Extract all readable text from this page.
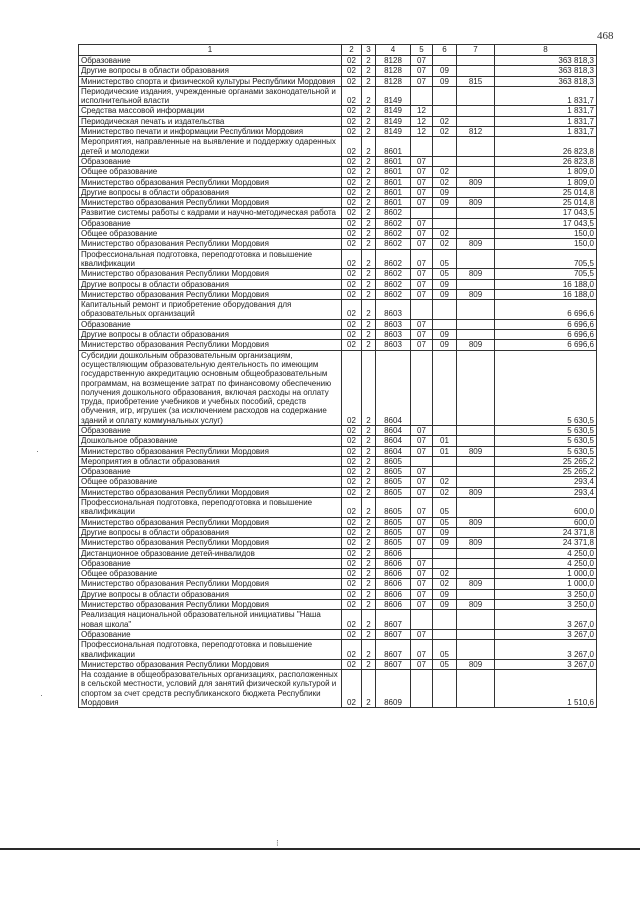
468
1	2	3	4	5	6	7	8
Образование	02	2	8128	07			363 818,3
Другие вопросы в области образования	02	2	8128	07	09		363 818,3
Министерство спорта и физической культуры Республики Мордовия	02	2	8128	07	09	815	363 818,3
Периодические издания, учрежденные органами законодательной и исполнительной власти	02	2	8149				1 831,7
Средства массовой информации	02	2	8149	12			1 831,7
Периодическая печать и издательства	02	2	8149	12	02		1 831,7
Министерство печати и информации Республики Мордовия	02	2	8149	12	02	812	1 831,7
Мероприятия, направленные на выявление и поддержку одаренных детей и молодежи	02	2	8601				26 823,8
Образование	02	2	8601	07			26 823,8
Общее образование	02	2	8601	07	02		1 809,0
Министерство образования Республики Мордовия	02	2	8601	07	02	809	1 809,0
Другие вопросы в области образования	02	2	8601	07	09		25 014,8
Министерство образования Республики Мордовия	02	2	8601	07	09	809	25 014,8
Развитие системы работы с кадрами и научно-методическая работа	02	2	8602				17 043,5
Образование	02	2	8602	07			17 043,5
Общее образование	02	2	8602	07	02		150,0
Министерство образования Республики Мордовия	02	2	8602	07	02	809	150,0
Профессиональная подготовка, переподготовка и повышение квалификации	02	2	8602	07	05		705,5
Министерство образования Республики Мордовия	02	2	8602	07	05	809	705,5
Другие вопросы в области образования	02	2	8602	07	09		16 188,0
Министерство образования Республики Мордовия	02	2	8602	07	09	809	16 188,0
Капитальный ремонт и приобретение оборудования для образовательных организаций	02	2	8603				6 696,6
Образование	02	2	8603	07			6 696,6
Другие вопросы в области образования	02	2	8603	07	09		6 696,6
Министерство образования Республики Мордовия	02	2	8603	07	09	809	6 696,6
Субсидии дошкольным образовательным организациям, осуществляющим образовательную деятельность по имеющим государственную аккредитацию основным общеобразовательным программам, на возмещение затрат по финансовому обеспечению получения дошкольного образования, включая расходы на оплату труда, приобретение учебников и учебных пособий, средств обучения, игр, игрушек (за исключением расходов на содержание зданий и оплату коммунальных услуг)	02	2	8604				5 630,5
Образование	02	2	8604	07			5 630,5
Дошкольное образование	02	2	8604	07	01		5 630,5
Министерство образования Республики Мордовия	02	2	8604	07	01	809	5 630,5
Мероприятия в области образования	02	2	8605				25 265,2
Образование	02	2	8605	07			25 265,2
Общее образование	02	2	8605	07	02		293,4
Министерство образования Республики Мордовия	02	2	8605	07	02	809	293,4
Профессиональная подготовка, переподготовка и повышение квалификации	02	2	8605	07	05		600,0
Министерство образования Республики Мордовия	02	2	8605	07	05	809	600,0
Другие вопросы в области образования	02	2	8605	07	09		24 371,8
Министерство образования Республики Мордовия	02	2	8605	07	09	809	24 371,8
Дистанционное образование детей-инвалидов	02	2	8606				4 250,0
Образование	02	2	8606	07			4 250,0
Общее образование	02	2	8606	07	02		1 000,0
Министерство образования Республики Мордовия	02	2	8606	07	02	809	1 000,0
Другие вопросы в области образования	02	2	8606	07	09		3 250,0
Министерство образования Республики Мордовия	02	2	8606	07	09	809	3 250,0
Реализация национальной образовательной инициативы "Наша новая школа"	02	2	8607				3 267,0
Образование	02	2	8607	07			3 267,0
Профессиональная подготовка, переподготовка и повышение квалификации	02	2	8607	07	05		3 267,0
Министерство образования Республики Мордовия	02	2	8607	07	05	809	3 267,0
На создание в общеобразовательных организациях, расположенных в сельской местности, условий для занятий физической культурой и спортом за счет средств республиканского бюджета Республики Мордовия	02	2	8609				1 510,6
⁝
·
·
